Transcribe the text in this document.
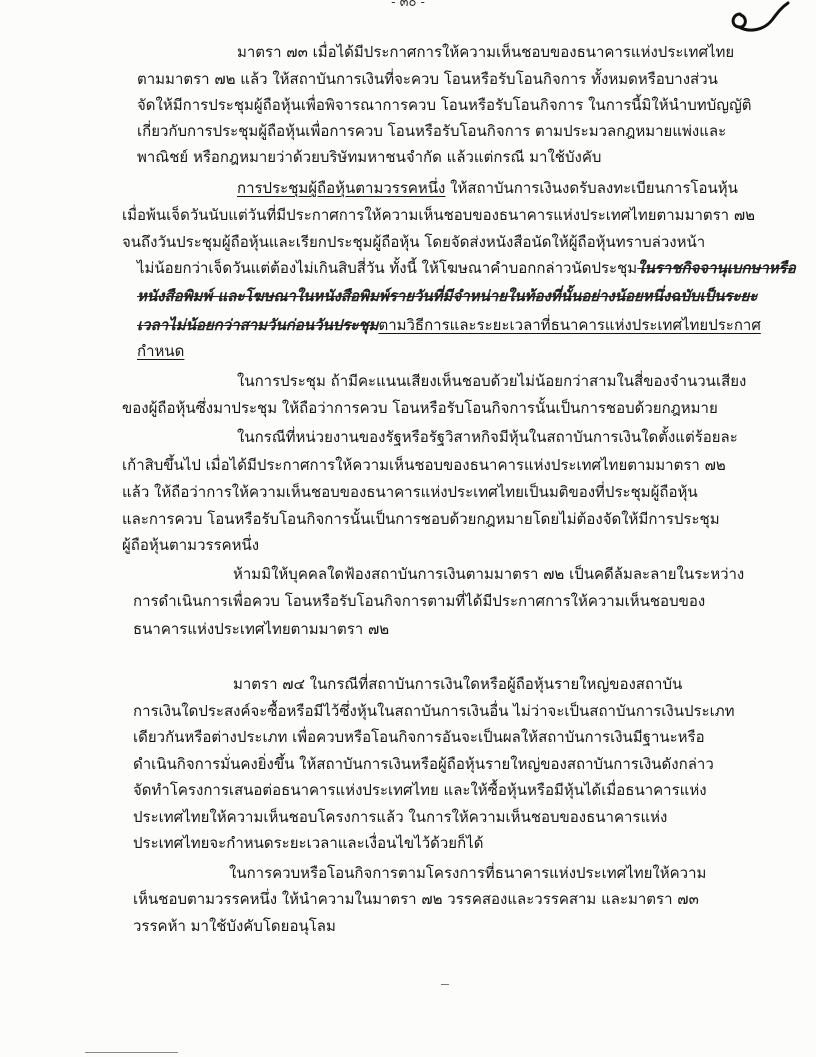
- ๓๐ -
มาตรา ๗๓ เมื่อได้มีประกาศการให้ความเห็นชอบของธนาคารแห่งประเทศไทย
ตามมาตรา ๗๒ แล้ว ให้สถาบันการเงินที่จะควบ โอนหรือรับโอนกิจการ ทั้งหมดหรือบางส่วน
จัดให้มีการประชุมผู้ถือหุ้นเพื่อพิจารณาการควบ โอนหรือรับโอนกิจการ ในการนี้มิให้นำบทบัญญัติ
เกี่ยวกับการประชุมผู้ถือหุ้นเพื่อการควบ โอนหรือรับโอนกิจการ ตามประมวลกฎหมายแพ่งและ
พาณิชย์ หรือกฎหมายว่าด้วยบริษัทมหาชนจำกัด แล้วแต่กรณี มาใช้บังคับ
การประชุมผู้ถือหุ้นตามวรรคหนึ่ง ให้สถาบันการเงินงดรับลงทะเบียนการโอนหุ้น
เมื่อพ้นเจ็ดวันนับแต่วันที่มีประกาศการให้ความเห็นชอบของธนาคารแห่งประเทศไทยตามมาตรา ๗๒
จนถึงวันประชุมผู้ถือหุ้นและเรียกประชุมผู้ถือหุ้น โดยจัดส่งหนังสือนัดให้ผู้ถือหุ้นทราบล่วงหน้า
ไม่น้อยกว่าเจ็ดวันแต่ต้องไม่เกินสิบสี่วัน ทั้งนี้ ให้โฆษณาคำบอกกล่าวนัดประชุมในราชกิจจานุเบกษาหรือ
หนังสือพิมพ์ และโฆษณาในหนังสือพิมพ์รายวันที่มีจำหน่ายในท้องที่นั้นอย่างน้อยหนึ่งฉบับเป็นระยะ
เวลาไม่น้อยกว่าสามวันก่อนวันประชุมตามวิธีการและระยะเวลาที่ธนาคารแห่งประเทศไทยประกาศ
กำหนด
ในการประชุม ถ้ามีคะแนนเสียงเห็นชอบด้วยไม่น้อยกว่าสามในสี่ของจำนวนเสียง
ของผู้ถือหุ้นซึ่งมาประชุม ให้ถือว่าการควบ โอนหรือรับโอนกิจการนั้นเป็นการชอบด้วยกฎหมาย
ในกรณีที่หน่วยงานของรัฐหรือรัฐวิสาหกิจมีหุ้นในสถาบันการเงินใดตั้งแต่ร้อยละ
เก้าสิบขึ้นไป เมื่อได้มีประกาศการให้ความเห็นชอบของธนาคารแห่งประเทศไทยตามมาตรา ๗๒
แล้ว ให้ถือว่าการให้ความเห็นชอบของธนาคารแห่งประเทศไทยเป็นมติของที่ประชุมผู้ถือหุ้น
และการควบ โอนหรือรับโอนกิจการนั้นเป็นการชอบด้วยกฎหมายโดยไม่ต้องจัดให้มีการประชุม
ผู้ถือหุ้นตามวรรคหนึ่ง
ห้ามมิให้บุคคลใดฟ้องสถาบันการเงินตามมาตรา ๗๒ เป็นคดีล้มละลายในระหว่าง
การดำเนินการเพื่อควบ โอนหรือรับโอนกิจการตามที่ได้มีประกาศการให้ความเห็นชอบของ
ธนาคารแห่งประเทศไทยตามมาตรา ๗๒
มาตรา ๗๔ ในกรณีที่สถาบันการเงินใดหรือผู้ถือหุ้นรายใหญ่ของสถาบัน
การเงินใดประสงค์จะซื้อหรือมีไว้ซึ่งหุ้นในสถาบันการเงินอื่น ไม่ว่าจะเป็นสถาบันการเงินประเภท
เดียวกันหรือต่างประเภท เพื่อควบหรือโอนกิจการอันจะเป็นผลให้สถาบันการเงินมีฐานะหรือ
ดำเนินกิจการมั่นคงยิ่งขึ้น ให้สถาบันการเงินหรือผู้ถือหุ้นรายใหญ่ของสถาบันการเงินดังกล่าว
จัดทำโครงการเสนอต่อธนาคารแห่งประเทศไทย และให้ซื้อหุ้นหรือมีหุ้นได้เมื่อธนาคารแห่ง
ประเทศไทยให้ความเห็นชอบโครงการแล้ว ในการให้ความเห็นชอบของธนาคารแห่ง
ประเทศไทยจะกำหนดระยะเวลาและเงื่อนไขไว้ด้วยก็ได้
ในการควบหรือโอนกิจการตามโครงการที่ธนาคารแห่งประเทศไทยให้ความ
เห็นชอบตามวรรคหนึ่ง ให้นำความในมาตรา ๗๒ วรรคสองและวรรคสาม และมาตรา ๗๓
วรรคห้า มาใช้บังคับโดยอนุโลม
